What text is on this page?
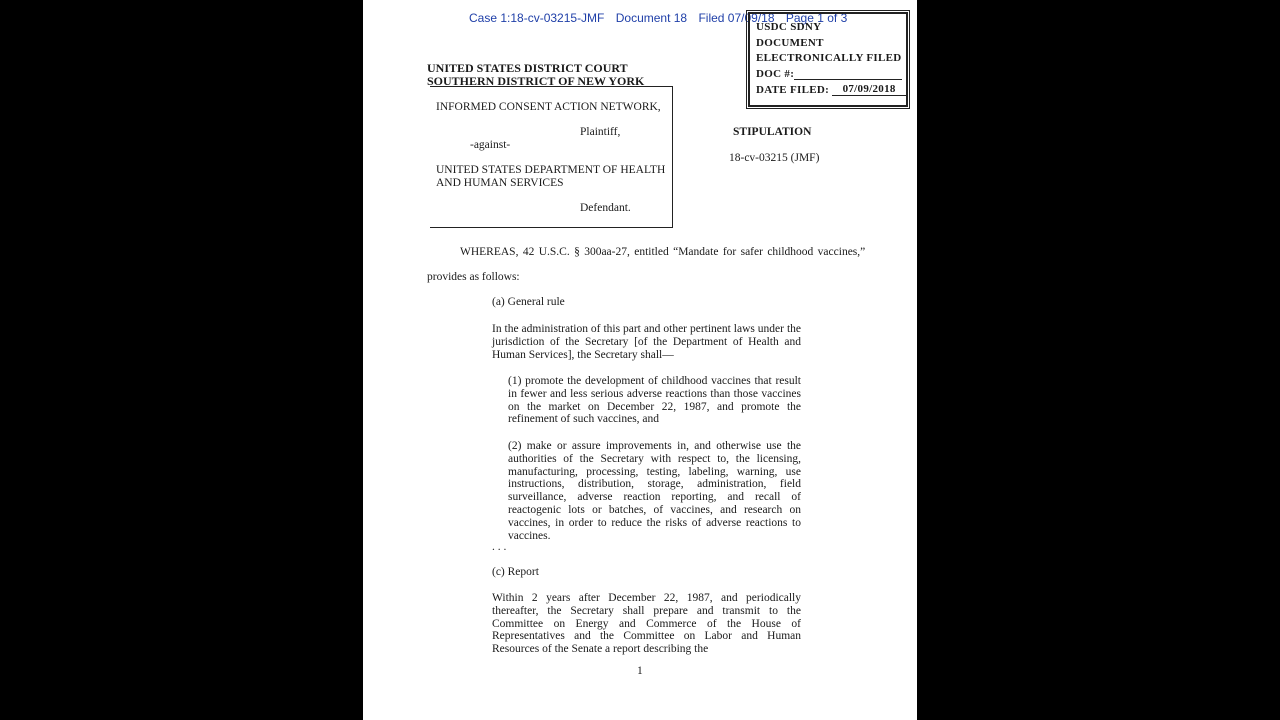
Case 1:18-cv-03215-JMF Document 18 Filed 07/09/18 Page 1 of 3
USDC SDNY
DOCUMENT
ELECTRONICALLY FILED
DOC #:
DATE FILED: 07/09/2018
UNITED STATES DISTRICT COURT
SOUTHERN DISTRICT OF NEW YORK
INFORMED CONSENT ACTION NETWORK,
Plaintiff,
-against-
UNITED STATES DEPARTMENT OF HEALTH
AND HUMAN SERVICES
Defendant.
STIPULATION
18-cv-03215 (JMF)
WHEREAS, 42 U.S.C. § 300aa-27, entitled “Mandate for safer childhood vaccines,”
provides as follows:
(a) General rule
In the administration of this part and other pertinent laws under the jurisdiction of the Secretary [of the Department of Health and Human Services], the Secretary shall—
(1) promote the development of childhood vaccines that result in fewer and less serious adverse reactions than those vaccines on the market on December 22, 1987, and promote the refinement of such vaccines, and
(2) make or assure improvements in, and otherwise use the authorities of the Secretary with respect to, the licensing, manufacturing, processing, testing, labeling, warning, use instructions, distribution, storage, administration, field surveillance, adverse reaction reporting, and recall of reactogenic lots or batches, of vaccines, and research on vaccines, in order to reduce the risks of adverse reactions to vaccines.
. . .
(c) Report
Within 2 years after December 22, 1987, and periodically thereafter, the Secretary shall prepare and transmit to the Committee on Energy and Commerce of the House of Representatives and the Committee on Labor and Human Resources of the Senate a report describing the
1
